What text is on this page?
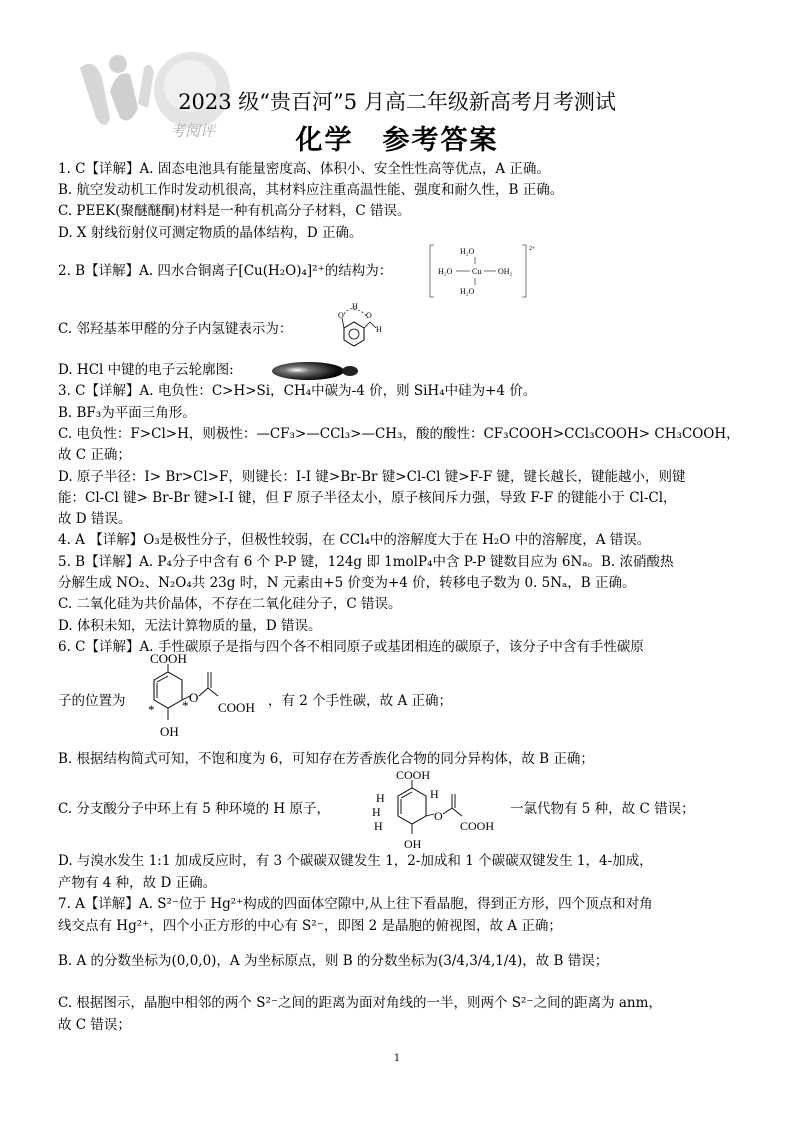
考阅评
2023 级“贵百河”5 月高二年级新高考月考测试
化学　参考答案
1. C【详解】A. 固态电池具有能量密度高、体积小、安全性性高等优点，A 正确。
B. 航空发动机工作时发动机很高，其材料应注重高温性能、强度和耐久性，B 正确。
C. PEEK(聚醚醚酮)材料是一种有机高分子材料，C 错误。
D. X 射线衍射仪可测定物质的晶体结构，D 正确。
2. B【详解】A. 四水合铜离子[Cu(H₂O)₄]²⁺的结构为：
H₂O
H₂O
Cu OH₂
H₂O
2+
C. 邻羟基苯甲醛的分子内氢键表示为：
O
H
O
H
D. HCl 中键的电子云轮廓图:
3. C【详解】A. 电负性：C>H>Si，CH₄中碳为-4 价，则 SiH₄中硅为+4 价。
B. BF₃为平面三角形。
C. 电负性：F>Cl>H，则极性：—CF₃>—CCl₃>—CH₃，酸的酸性：CF₃COOH>CCl₃COOH> CH₃COOH，
故 C 正确；
D. 原子半径：I> Br>Cl>F，则键长：I-I 键>Br-Br 键>Cl-Cl 键>F-F 键，键长越长，键能越小，则键
能：Cl-Cl 键> Br-Br 键>I-I 键，但 F 原子半径太小，原子核间斥力强，导致 F-F 的键能小于 Cl-Cl，
故 D 错误。
4. A 【详解】O₃是极性分子，但极性较弱，在 CCl₄中的溶解度大于在 H₂O 中的溶解度，A 错误。
5. B【详解】A. P₄分子中含有 6 个 P-P 键，124g 即 1molP₄中含 P-P 键数目应为 6Nₐ。B. 浓硝酸热
分解生成 NO₂、N₂O₄共 23g 时，N 元素由+5 价变为+4 价，转移电子数为 0. 5Nₐ，B 正确。
C. 二氧化硅为共价晶体，不存在二氧化硅分子，C 错误。
D. 体积未知，无法计算物质的量，D 错误。
6. C【详解】A. 手性碳原子是指与四个各不相同原子或基团相连的碳原子，该分子中含有手性碳原
子的位置为	，有 2 个手性碳，故 A 正确；
COOH
O
COOH
OH
* *
B. 根据结构简式可知，不饱和度为 6，可知存在芳香族化合物的同分异构体，故 B 正确；
C. 分支酸分子中环上有 5 种环境的 H 原子，	一氯代物有 5 种，故 C 错误；
COOH
H
H
H
H
O
COOH
OH
D. 与溴水发生 1:1 加成反应时，有 3 个碳碳双键发生 1，2-加成和 1 个碳碳双键发生 1，4-加成，
产物有 4 种，故 D 正确。
7. A【详解】A. S²⁻位于 Hg²⁺构成的四面体空隙中,从上往下看晶胞，得到正方形，四个顶点和对角
线交点有 Hg²⁺，四个小正方形的中心有 S²⁻，即图 2 是晶胞的俯视图，故 A 正确；
B. A 的分数坐标为(0,0,0)，A 为坐标原点，则 B 的分数坐标为(3/4,3/4,1/4)，故 B 错误；
C. 根据图示，晶胞中相邻的两个 S²⁻之间的距离为面对角线的一半，则两个 S²⁻之间的距离为 anm，
故 C 错误；
1
